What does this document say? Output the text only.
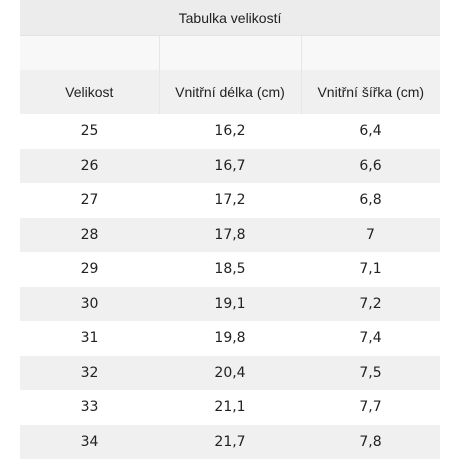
Tabulka velikostí		

Velikost	Vnitřní délka (cm)	Vnitřní šířka (cm)
25	16,2	6,4
26	16,7	6,6
27	17,2	6,8
28	17,8	7
29	18,5	7,1
30	19,1	7,2
31	19,8	7,4
32	20,4	7,5
33	21,1	7,7
34	21,7	7,8
